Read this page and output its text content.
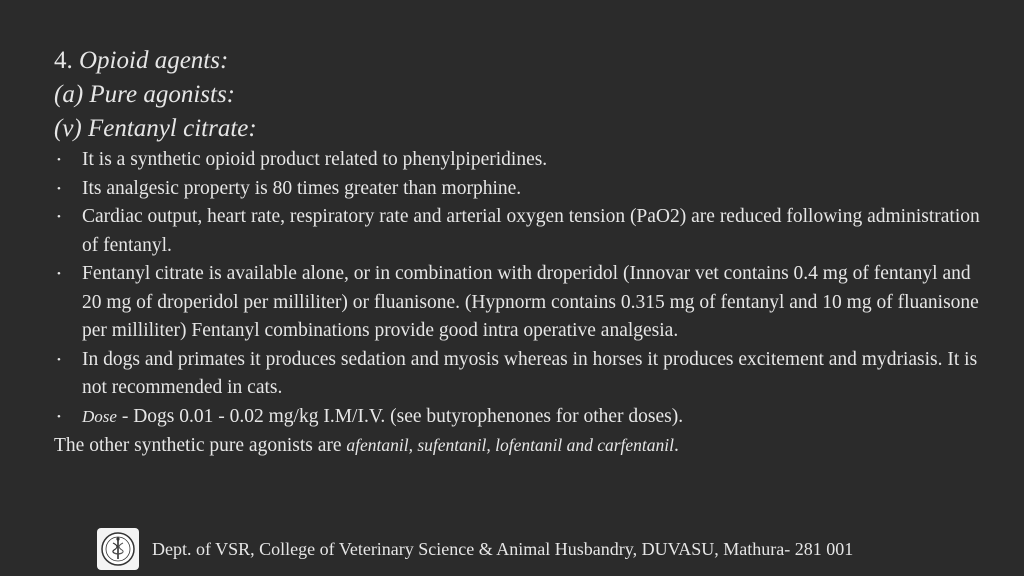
4. Opioid agents:
(a) Pure agonists:
(v) Fentanyl citrate:
• It is a synthetic opioid product related to phenylpiperidines.
• Its analgesic property is 80 times greater than morphine.
• Cardiac output, heart rate, respiratory rate and arterial oxygen tension (PaO2) are reduced following administration of fentanyl.
• Fentanyl citrate is available alone, or in combination with droperidol (Innovar vet contains 0.4 mg of fentanyl and 20 mg of droperidol per milliliter) or fluanisone. (Hypnorm contains 0.315 mg of fentanyl and 10 mg of fluanisone per milliliter) Fentanyl combinations provide good intra operative analgesia.
• In dogs and primates it produces sedation and myosis whereas in horses it produces excitement and mydriasis. It is not recommended in cats.
• Dose - Dogs 0.01 - 0.02 mg/kg I.M/I.V. (see butyrophenones for other doses).
The other synthetic pure agonists are afentanil, sufentanil, lofentanil and carfentanil.
Dept. of VSR, College of Veterinary Science & Animal Husbandry, DUVASU, Mathura- 281 001
